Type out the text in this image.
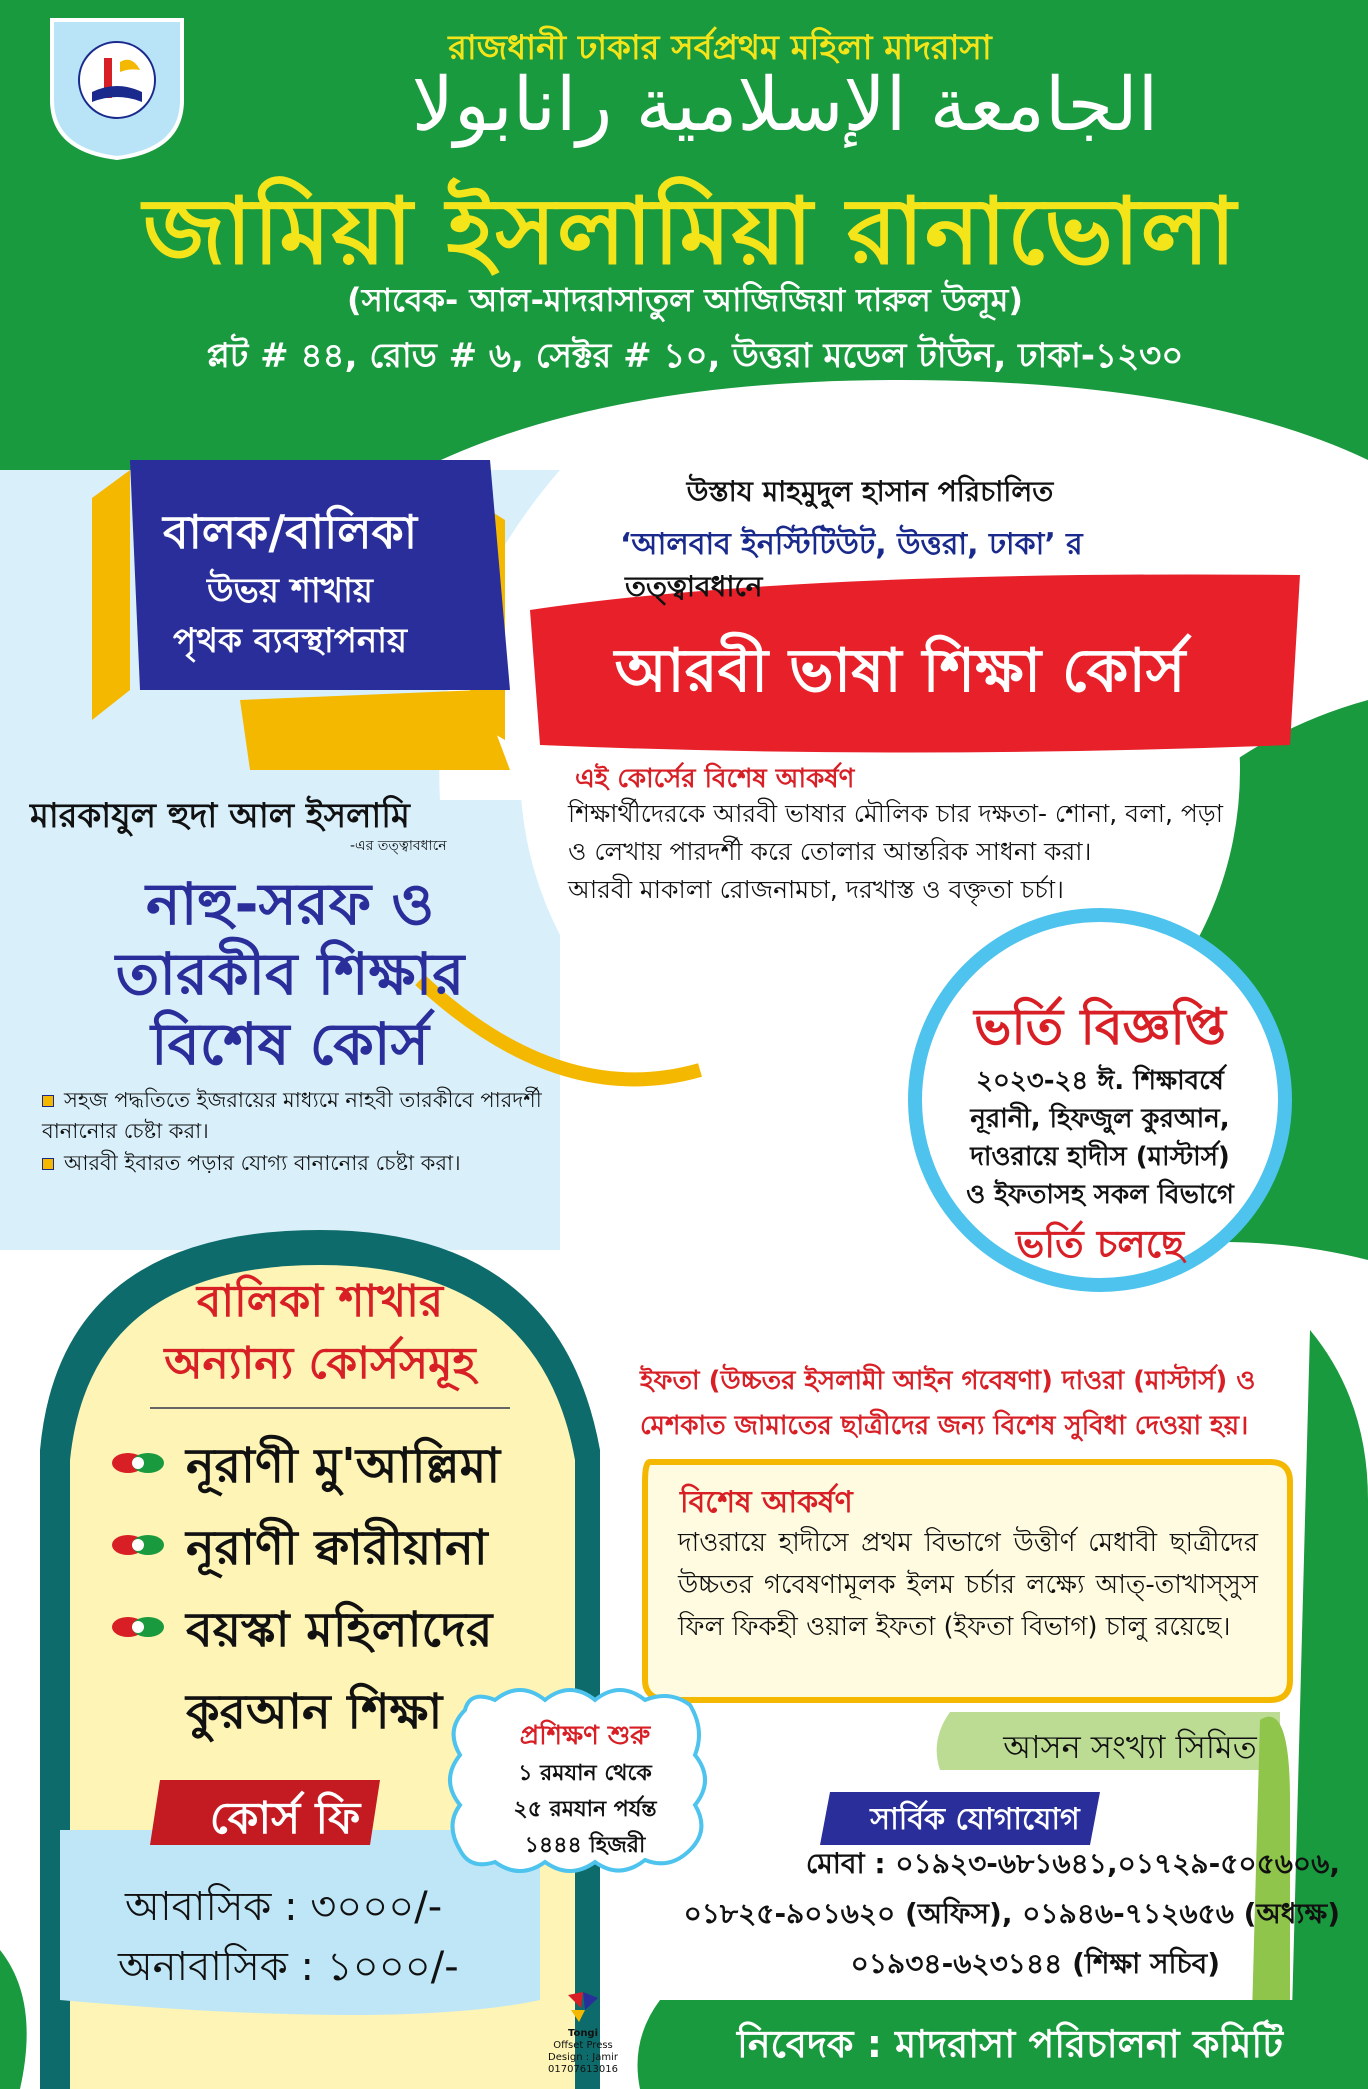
রাজধানী ঢাকার সর্বপ্রথম মহিলা মাদরাসা
الجامعة الإسلامية رانابولا
জামিয়া ইসলামিয়া রানাভোলা
(সাবেক- আল-মাদরাসাতুল আজিজিয়া দারুল উলূম)
প্লট # ৪৪, রোড # ৬, সেক্টর # ১০, উত্তরা মডেল টাউন, ঢাকা-১২৩০
বালক/বালিকা
উভয় শাখায়
পৃথক ব্যবস্থাপনায়
উস্তায মাহমুদুল হাসান পরিচালিত
‘আলবাব ইনস্টিটিউট, উত্তরা, ঢাকা’ র
তত্ত্বাবধানে
আরবী ভাষা শিক্ষা কোর্স
এই কোর্সের বিশেষ আকর্ষণ
শিক্ষার্থীদেরকে আরবী ভাষার মৌলিক চার দক্ষতা- শোনা, বলা, পড়া ও লেখায় পারদর্শী করে তোলার আন্তরিক সাধনা করা।
আরবী মাকালা রোজনামচা, দরখাস্ত ও বক্তৃতা চর্চা।
মারকাযুল হুদা আল ইসলামি
-এর তত্ত্বাবধানে
নাহু-সরফ ও
তারকীব শিক্ষার
বিশেষ কোর্স
সহজ পদ্ধতিতে ইজরায়ের মাধ্যমে নাহবী তারকীবে পারদর্শী বানানোর চেষ্টা করা।
আরবী ইবারত পড়ার যোগ্য বানানোর চেষ্টা করা।
ভর্তি বিজ্ঞপ্তি
২০২৩-২৪ ঈ. শিক্ষাবর্ষে
নূরানী, হিফজুল কুরআন,
দাওরায়ে হাদীস (মাস্টার্স)
ও ইফতাসহ সকল বিভাগে
ভর্তি চলছে
বালিকা শাখার
অন্যান্য কোর্সসমূহ
নূরাণী মু'আল্লিমা
নূরাণী ক্বারীয়ানা
বয়স্কা মহিলাদের
কুরআন শিক্ষা
কোর্স ফি
আবাসিক : ৩০০০/-
অনাবাসিক : ১০০০/-
প্রশিক্ষণ শুরু
১ রমযান থেকে
২৫ রমযান পর্যন্ত
১৪৪৪ হিজরী
ইফতা (উচ্চতর ইসলামী আইন গবেষণা) দাওরা (মাস্টার্স) ও
মেশকাত জামাতের ছাত্রীদের জন্য বিশেষ সুবিধা দেওয়া হয়।
বিশেষ আকর্ষণ
দাওরায়ে হাদীসে প্রথম বিভাগে উত্তীর্ণ মেধাবী ছাত্রীদের উচ্চতর গবেষণামূলক ইলম চর্চার লক্ষ্যে আত্-তাখাস্সুস ফিল ফিকহী ওয়াল ইফতা (ইফতা বিভাগ) চালু রয়েছে।
আসন সংখ্যা সিমিত
সার্বিক যোগাযোগ
মোবা : ০১৯২৩-৬৮১৬৪১,০১৭২৯-৫০৫৬০৬,
০১৮২৫-৯০১৬২০ (অফিস), ০১৯৪৬-৭১২৬৫৬ (অধ্যক্ষ)
০১৯৩৪-৬২৩১৪৪ (শিক্ষা সচিব)
নিবেদক : মাদরাসা পরিচালনা কমিটি
Tongi
Offset Press
Design : Jamir
01707613016
